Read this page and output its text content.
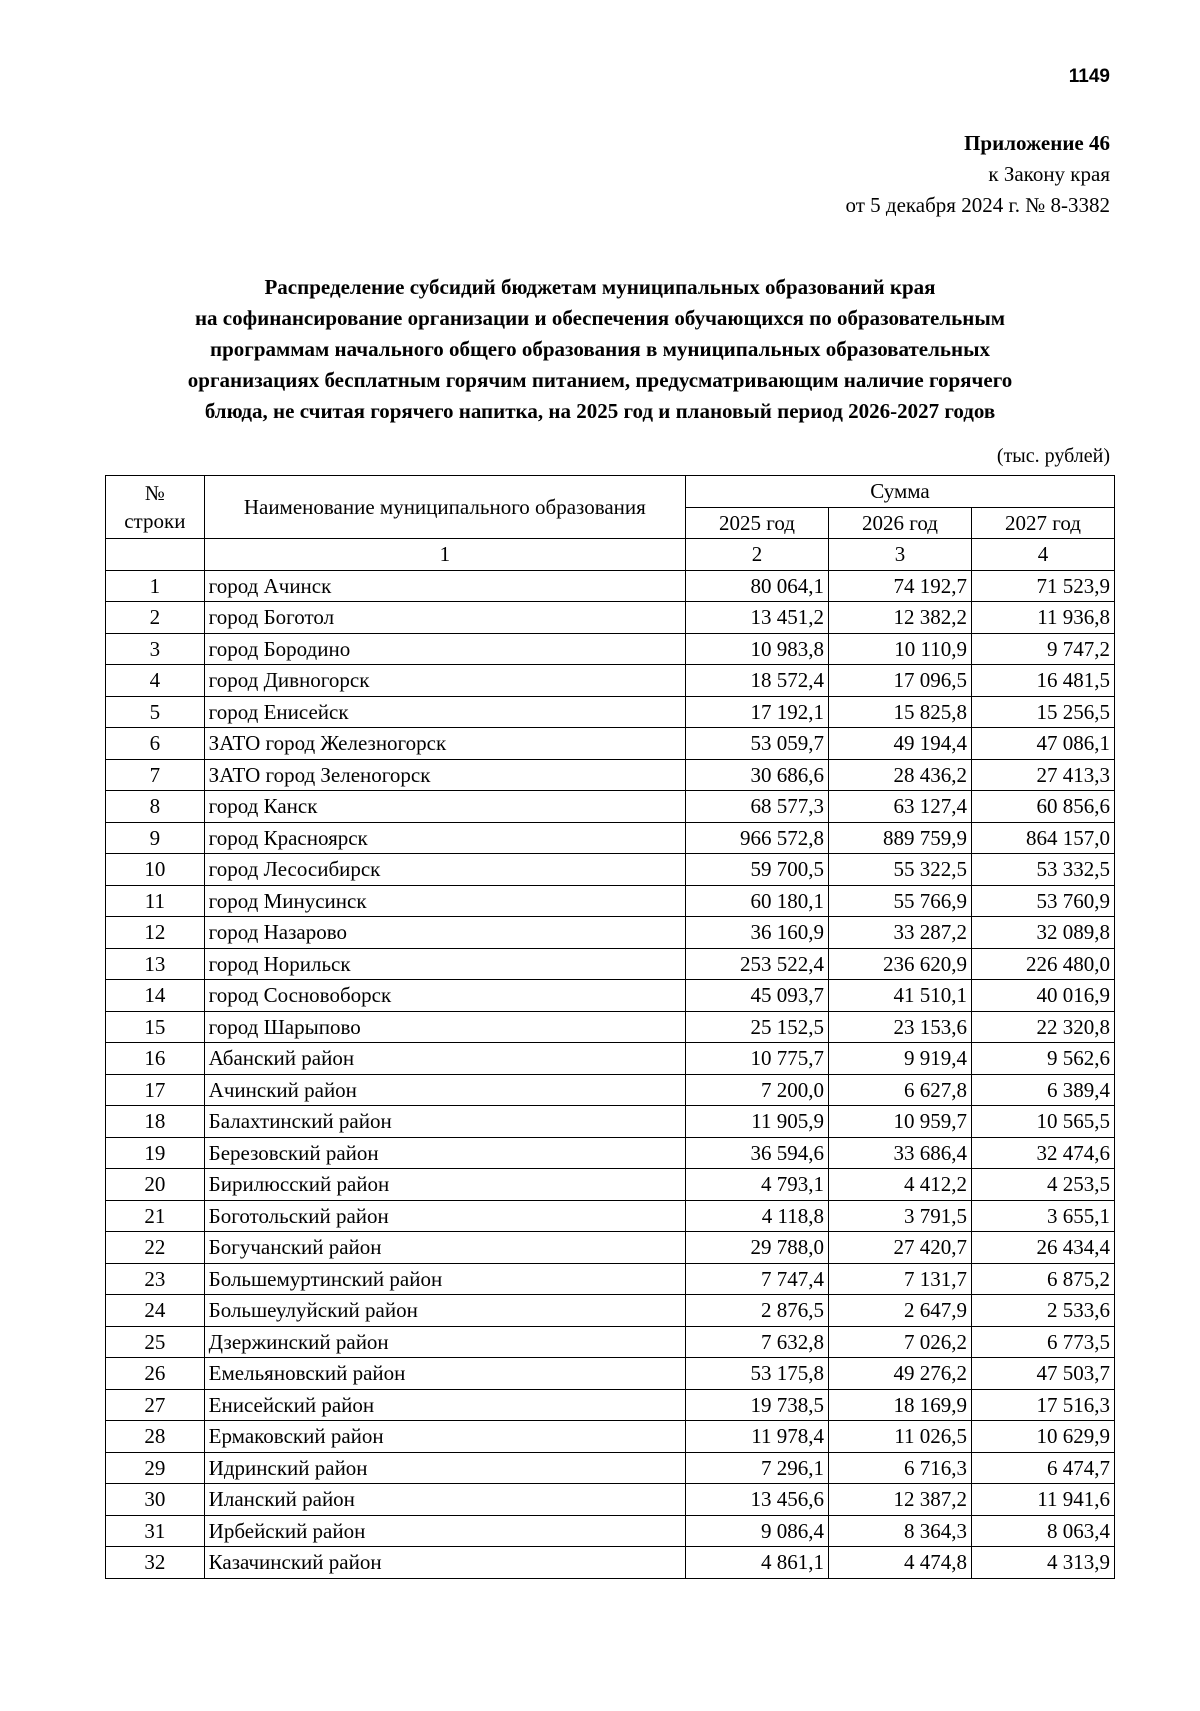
1149
Приложение 46
к Закону края
от 5 декабря 2024 г. № 8-3382
Распределение субсидий бюджетам муниципальных образований края
на софинансирование организации и обеспечения обучающихся по образовательным
программам начального общего образования в муниципальных образовательных
организациях бесплатным горячим питанием, предусматривающим наличие горячего
блюда, не считая горячего напитка, на 2025 год и плановый период 2026-2027 годов
(тыс. рублей)
№
строки	Наименование муниципального образования	Сумма		
		2025 год	2026 год	2027 год
	1	2	3	4
1	город Ачинск	80 064,1	74 192,7	71 523,9
2	город Боготол	13 451,2	12 382,2	11 936,8
3	город Бородино	10 983,8	10 110,9	9 747,2
4	город Дивногорск	18 572,4	17 096,5	16 481,5
5	город Енисейск	17 192,1	15 825,8	15 256,5
6	ЗАТО город Железногорск	53 059,7	49 194,4	47 086,1
7	ЗАТО город Зеленогорск	30 686,6	28 436,2	27 413,3
8	город Канск	68 577,3	63 127,4	60 856,6
9	город Красноярск	966 572,8	889 759,9	864 157,0
10	город Лесосибирск	59 700,5	55 322,5	53 332,5
11	город Минусинск	60 180,1	55 766,9	53 760,9
12	город Назарово	36 160,9	33 287,2	32 089,8
13	город Норильск	253 522,4	236 620,9	226 480,0
14	город Сосновоборск	45 093,7	41 510,1	40 016,9
15	город Шарыпово	25 152,5	23 153,6	22 320,8
16	Абанский район	10 775,7	9 919,4	9 562,6
17	Ачинский район	7 200,0	6 627,8	6 389,4
18	Балахтинский район	11 905,9	10 959,7	10 565,5
19	Березовский район	36 594,6	33 686,4	32 474,6
20	Бирилюсский район	4 793,1	4 412,2	4 253,5
21	Боготольский район	4 118,8	3 791,5	3 655,1
22	Богучанский район	29 788,0	27 420,7	26 434,4
23	Большемуртинский район	7 747,4	7 131,7	6 875,2
24	Большеулуйский район	2 876,5	2 647,9	2 533,6
25	Дзержинский район	7 632,8	7 026,2	6 773,5
26	Емельяновский район	53 175,8	49 276,2	47 503,7
27	Енисейский район	19 738,5	18 169,9	17 516,3
28	Ермаковский район	11 978,4	11 026,5	10 629,9
29	Идринский район	7 296,1	6 716,3	6 474,7
30	Иланский район	13 456,6	12 387,2	11 941,6
31	Ирбейский район	9 086,4	8 364,3	8 063,4
32	Казачинский район	4 861,1	4 474,8	4 313,9
